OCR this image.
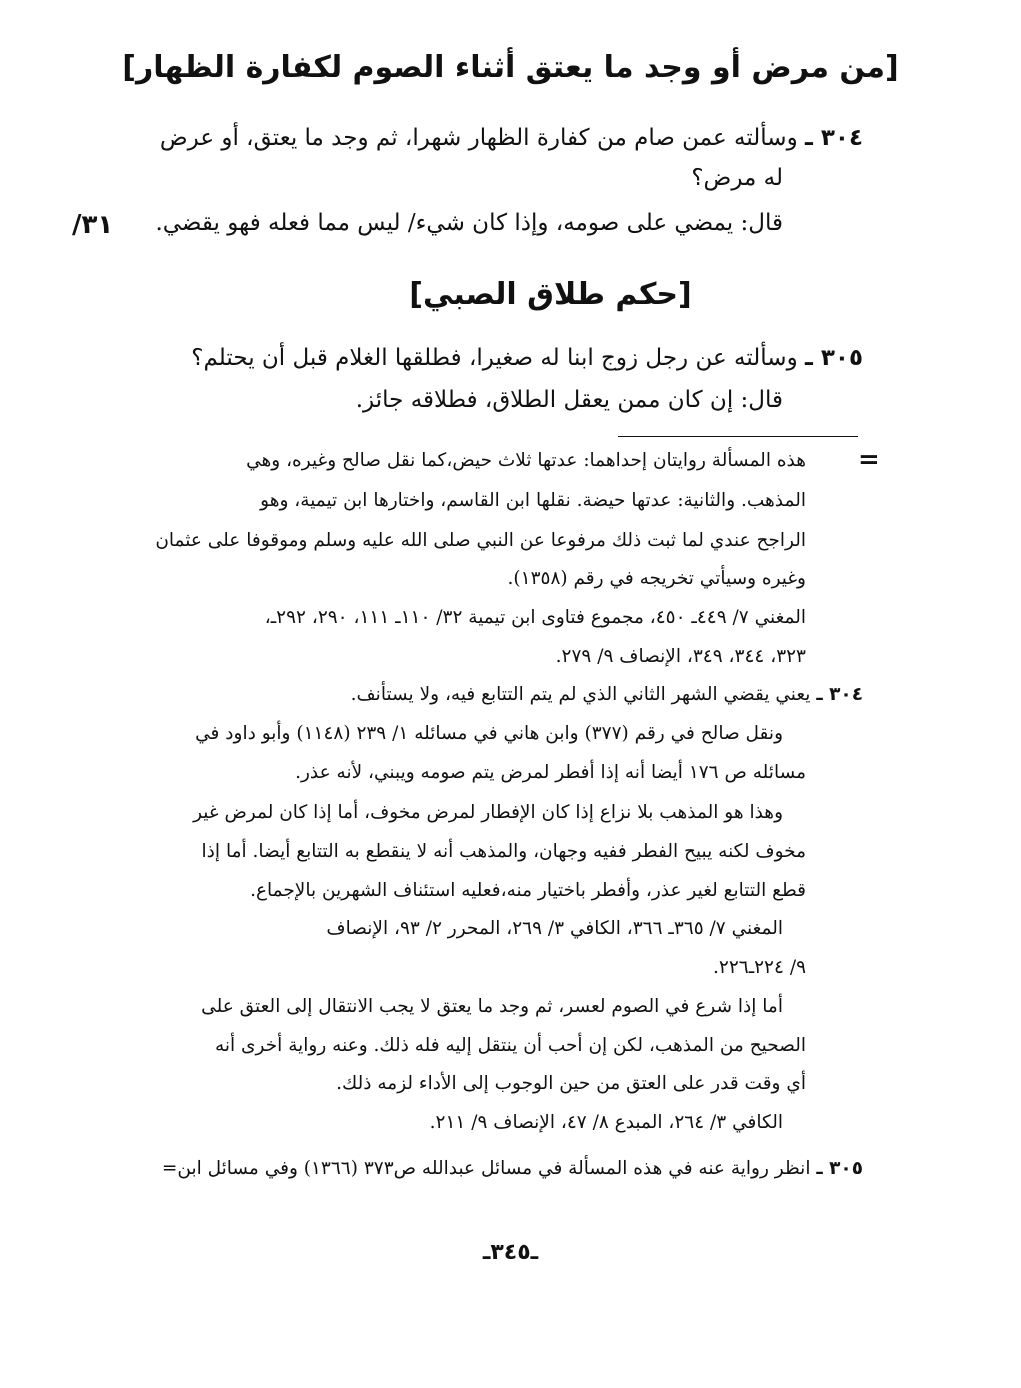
[من مرض أو وجد ما يعتق أثناء الصوم لكفارة الظهار]
٣٠٤ ـ وسألته عمن صام من كفارة الظهار شهرا، ثم وجد ما يعتق، أو عرض
له مرض؟
قال: يمضي على صومه، وإذا كان شيء/ ليس مما فعله فهو يقضي.
/٣١
[حكم طلاق الصبي]
٣٠٥ ـ وسألته عن رجل زوج ابنا له صغيرا، فطلقها الغلام قبل أن يحتلم؟
قال: إن كان ممن يعقل الطلاق، فطلاقه جائز.
=
هذه المسألة روايتان إحداهما: عدتها ثلاث حيض،كما نقل صالح وغيره، وهي
المذهب. والثانية: عدتها حيضة. نقلها ابن القاسم، واختارها ابن تيمية، وهو
الراجح عندي لما ثبت ذلك مرفوعا عن النبي صلى الله عليه وسلم وموقوفا على عثمان
وغيره وسيأتي تخريجه في رقم (١٣٥٨).
المغني ٧/ ٤٤٩ـ ٤٥٠، مجموع فتاوى ابن تيمية ٣٢/ ١١٠ـ ١١١، ٢٩٠، ٢٩٢ـ،
٣٢٣، ٣٤٤، ٣٤٩، الإنصاف ٩/ ٢٧٩.
٣٠٤ ـ يعني يقضي الشهر الثاني الذي لم يتم التتابع فيه، ولا يستأنف.
ونقل صالح في رقم (٣٧٧) وابن هاني في مسائله ١/ ٢٣٩ (١١٤٨) وأبو داود في
مسائله ص ١٧٦ أيضا أنه إذا أفطر لمرض يتم صومه ويبني، لأنه عذر.
وهذا هو المذهب بلا نزاع إذا كان الإفطار لمرض مخوف، أما إذا كان لمرض غير
مخوف لكنه يبيح الفطر ففيه وجهان، والمذهب أنه لا ينقطع به التتابع أيضا. أما إذا
قطع التتابع لغير عذر، وأفطر باختيار منه،فعليه استئناف الشهرين بالإجماع.
المغني ٧/ ٣٦٥ـ ٣٦٦، الكافي ٣/ ٢٦٩، المحرر ٢/ ٩٣، الإنصاف
٩/ ٢٢٤ـ٢٢٦.
أما إذا شرع في الصوم لعسر، ثم وجد ما يعتق لا يجب الانتقال إلى العتق على
الصحيح من المذهب، لكن إن أحب أن ينتقل إليه فله ذلك. وعنه رواية أخرى أنه
أي وقت قدر على العتق من حين الوجوب إلى الأداء لزمه ذلك.
الكافي ٣/ ٢٦٤، المبدع ٨/ ٤٧، الإنصاف ٩/ ٢١١.
٣٠٥ ـ انظر رواية عنه في هذه المسألة في مسائل عبدالله ص٣٧٣ (١٣٦٦) وفي مسائل ابن=
ـ٣٤٥ـ
